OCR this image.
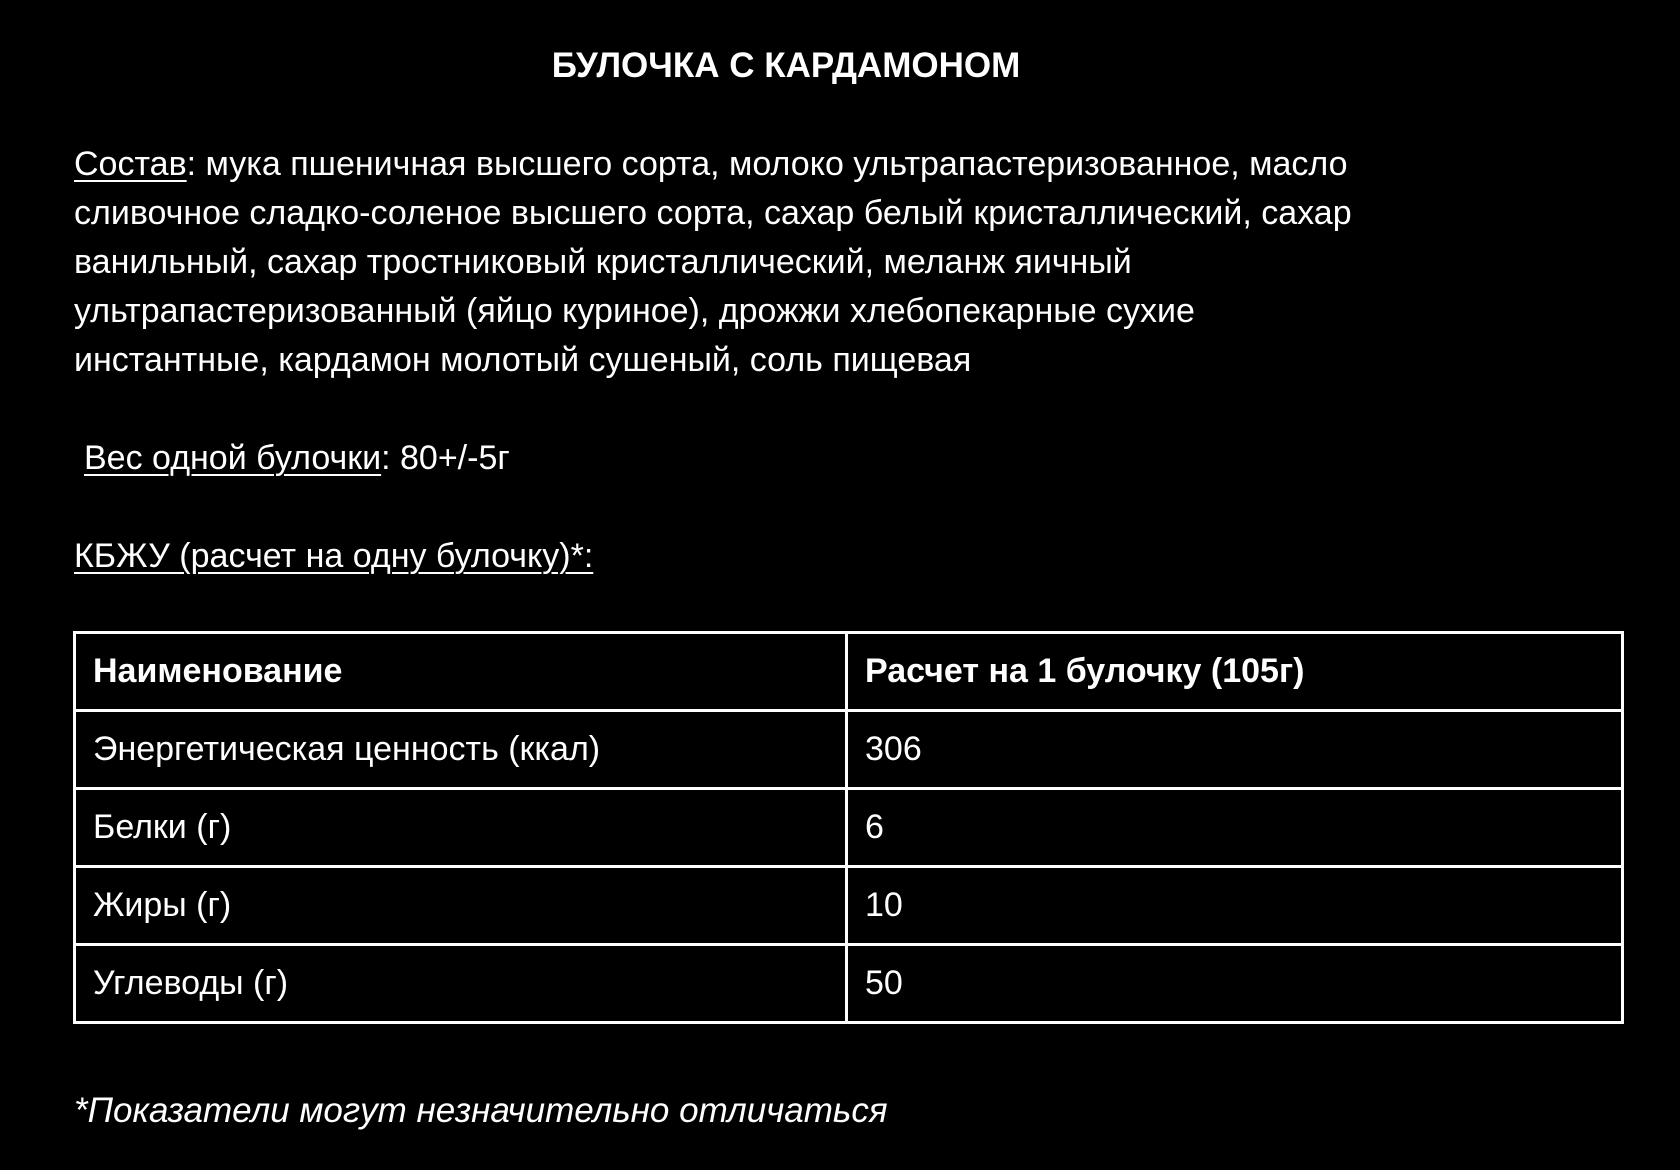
БУЛОЧКА С КАРДАМОНОМ
Состав: мука пшеничная высшего сорта, молоко ультрапастеризованное, масло
сливочное сладко-соленое высшего сорта, сахар белый кристаллический, сахар
ванильный, сахар тростниковый кристаллический, меланж яичный
ультрапастеризованный (яйцо куриное), дрожжи хлебопекарные сухие
инстантные, кардамон молотый сушеный, соль пищевая
Вес одной булочки: 80+/-5г
КБЖУ (расчет на одну булочку)*:
Наименование	Расчет на 1 булочку (105г)
Энергетическая ценность (ккал)	306
Белки (г)	6
Жиры (г)	10
Углеводы (г)	50
*Показатели могут незначительно отличаться
